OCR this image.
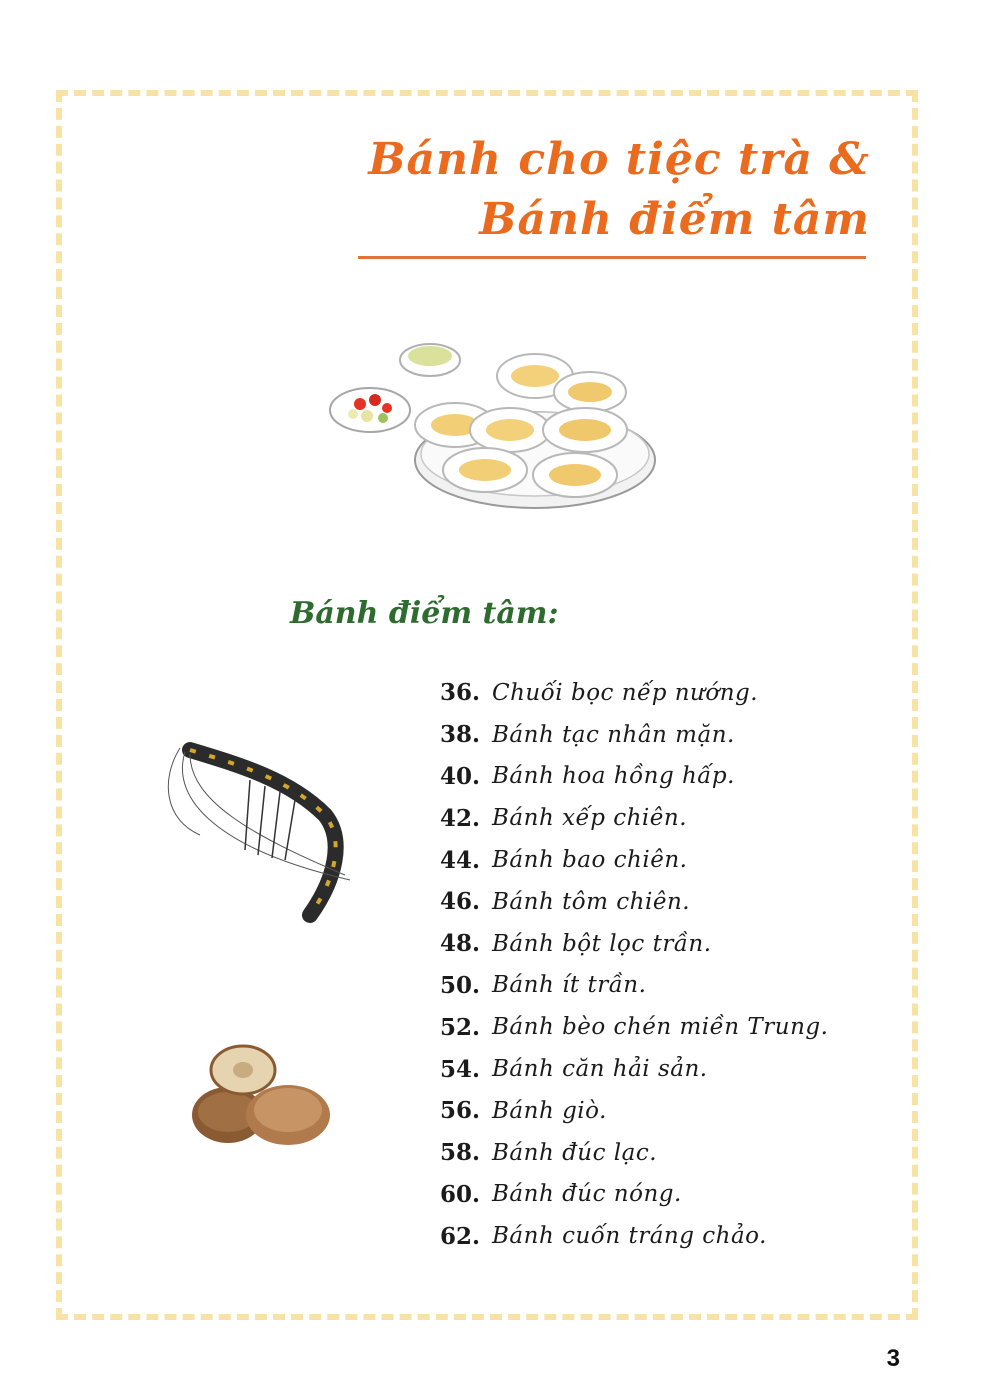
Bánh cho tiệc trà &
Bánh điểm tâm
Bánh điểm tâm:
36. Chuối bọc nếp nướng.
38. Bánh tạc nhân mặn.
40. Bánh hoa hồng hấp.
42. Bánh xếp chiên.
44. Bánh bao chiên.
46. Bánh tôm chiên.
48. Bánh bột lọc trần.
50. Bánh ít trần.
52. Bánh bèo chén miền Trung.
54. Bánh căn hải sản.
56. Bánh giò.
58. Bánh đúc lạc.
60. Bánh đúc nóng.
62. Bánh cuốn tráng chảo.
3
